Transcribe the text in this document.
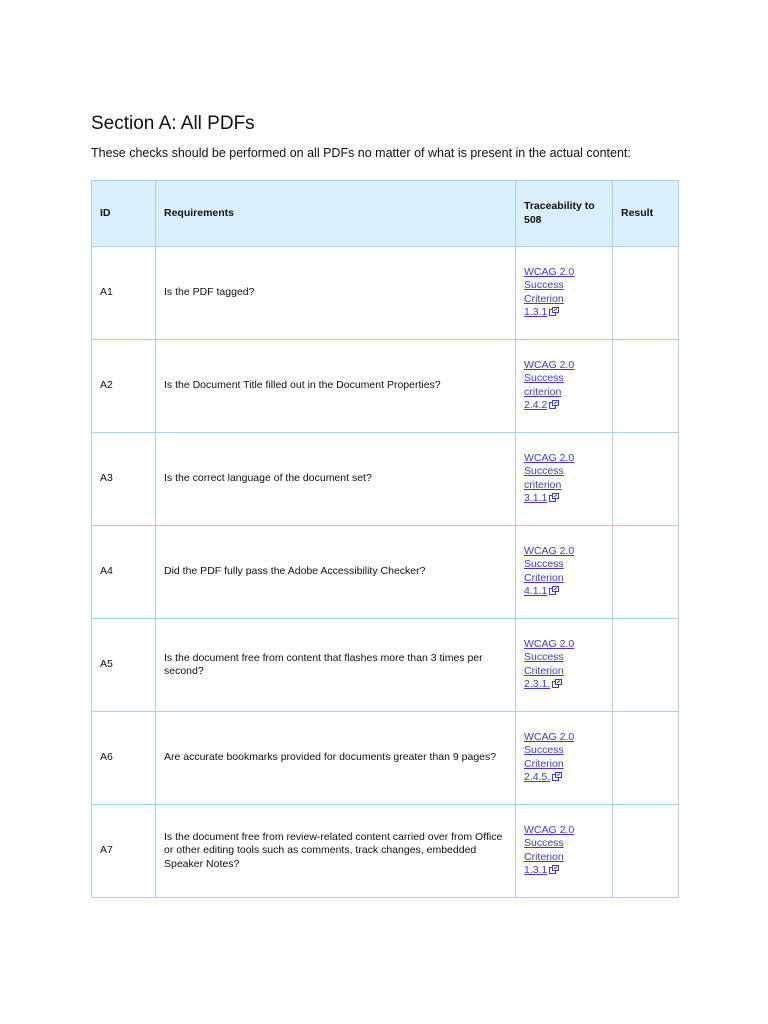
Section A: All PDFs

These checks should be performed on all PDFs no matter of what is present in the actual content:

ID	Requirements	Traceability to 508	Result
A1	Is the PDF tagged?	WCAG 2.0
Success
Criterion
1.3.1	

A2	Is the Document Title filled out in the Document Properties?	WCAG 2.0
Success
criterion
2.4.2	

A3	Is the correct language of the document set?	WCAG 2.0
Success
criterion
3.1.1	

A4	Did the PDF fully pass the Adobe Accessibility Checker?	WCAG 2.0
Success
Criterion
4.1.1	

A5	Is the document free from content that flashes more than 3 times per second?	WCAG 2.0
Success
Criterion
2.3.1.	

A6	Are accurate bookmarks provided for documents greater than 9 pages?	WCAG 2.0
Success
Criterion
2.4.5.	

A7	Is the document free from review-related content carried over from Office or other editing tools such as comments, track changes, embedded Speaker Notes?	WCAG 2.0
Success
Criterion
1.3.1	
